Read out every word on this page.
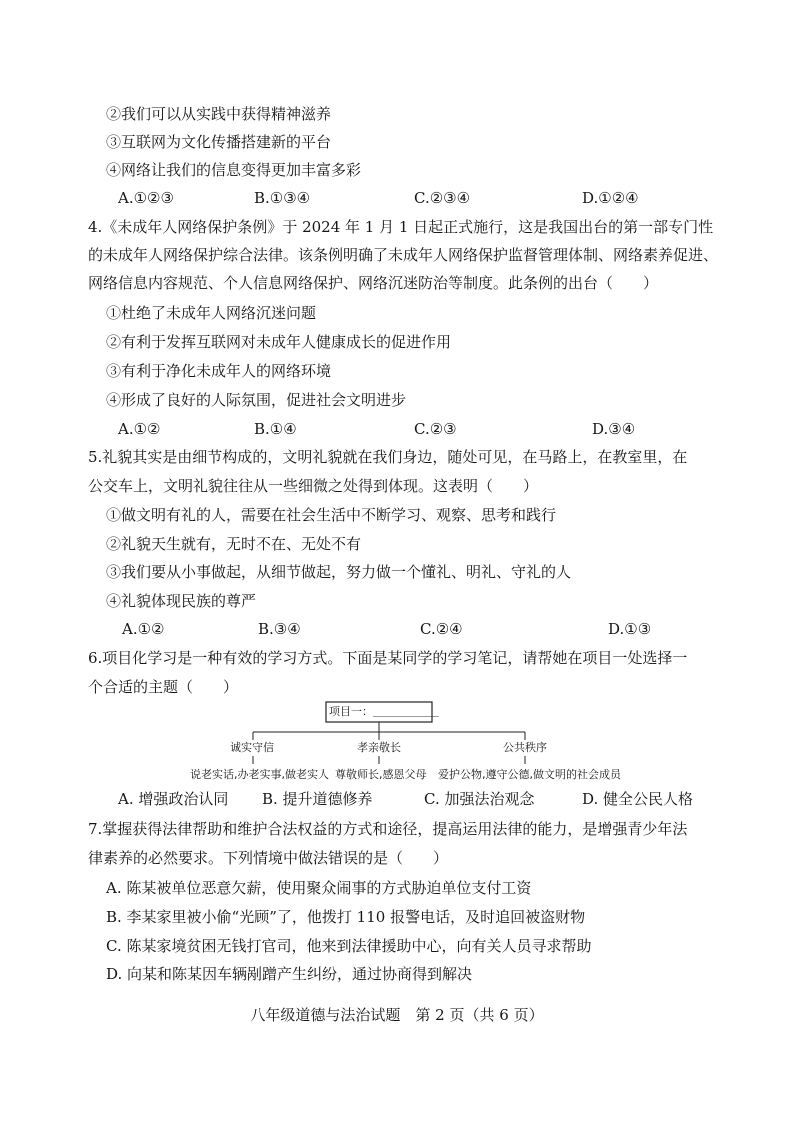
②我们可以从实践中获得精神滋养
③互联网为文化传播搭建新的平台
④网络让我们的信息变得更加丰富多彩
A.①②③	B.①③④	C.②③④	D.①②④
4.《未成年人网络保护条例》于 2024 年 1 月 1 日起正式施行，这是我国出台的第一部专门性
的未成年人网络保护综合法律。该条例明确了未成年人网络保护监督管理体制、网络素养促进、
网络信息内容规范、个人信息网络保护、网络沉迷防治等制度。此条例的出台（　　）
①杜绝了未成年人网络沉迷问题
②有利于发挥互联网对未成年人健康成长的促进作用
③有利于净化未成年人的网络环境
④形成了良好的人际氛围，促进社会文明进步
A.①②	B.①④	C.②③	D.③④
5.礼貌其实是由细节构成的，文明礼貌就在我们身边，随处可见，在马路上，在教室里，在
公交车上，文明礼貌往往从一些细微之处得到体现。这表明（　　）
①做文明有礼的人，需要在社会生活中不断学习、观察、思考和践行
②礼貌天生就有，无时不在、无处不有
③我们要从小事做起，从细节做起，努力做一个懂礼、明礼、守礼的人
④礼貌体现民族的尊严
A.①②	B.③④	C.②④	D.①③
6.项目化学习是一种有效的学习方式。下面是某同学的学习笔记，请帮她在项目一处选择一
个合适的主题（　　）
项目一：＿＿＿＿＿＿
诚实守信	孝亲敬长	公共秩序
说老实话,办老实事,做老实人 尊敬师长,感恩父母 爱护公物,遵守公德,做文明的社会成员
A. 增强政治认同 B. 提升道德修养	C. 加强法治观念	D. 健全公民人格
7.掌握获得法律帮助和维护合法权益的方式和途径，提高运用法律的能力，是增强青少年法
律素养的必然要求。下列情境中做法错误的是（　　）
A. 陈某被单位恶意欠薪，使用聚众闹事的方式胁迫单位支付工资
B. 李某家里被小偷“光顾”了，他拨打 110 报警电话，及时追回被盗财物
C. 陈某家境贫困无钱打官司，他来到法律援助中心，向有关人员寻求帮助
D. 向某和陈某因车辆剐蹭产生纠纷，通过协商得到解决
八年级道德与法治试题　第 2 页（共 6 页）
